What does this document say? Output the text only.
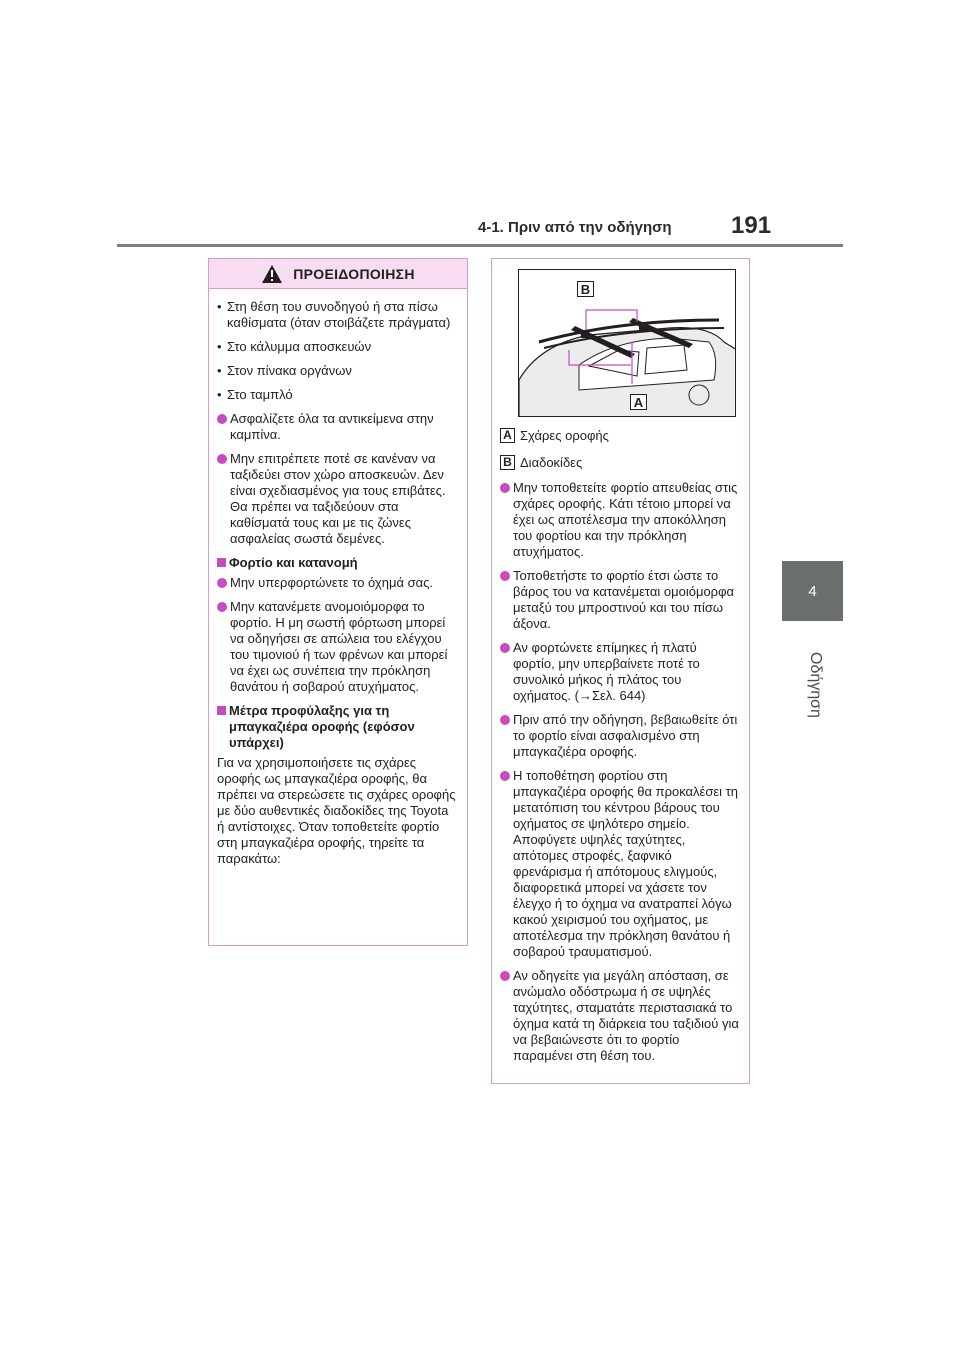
4-1. Πριν από την οδήγηση 191
4
Οδήγηση
ΠΡΟΕΙΔΟΠΟΙΗΣΗ
• Στη θέση του συνοδηγού ή στα πίσω καθίσματα (όταν στοιβάζετε πράγματα)

• Στο κάλυμμα αποσκευών

• Στον πίνακα οργάνων

• Στο ταμπλό

Ασφαλίζετε όλα τα αντικείμενα στην καμπίνα.

Μην επιτρέπετε ποτέ σε κανέναν να ταξιδεύει στον χώρο αποσκευών. Δεν είναι σχεδιασμένος για τους επιβάτες. Θα πρέπει να ταξιδεύουν στα καθίσματά τους και με τις ζώνες ασφαλείας σωστά δεμένες.

Φορτίο και κατανομή

Μην υπερφορτώνετε το όχημά σας.

Μην κατανέμετε ανομοιόμορφα το φορτίο. Η μη σωστή φόρτωση μπορεί να οδηγήσει σε απώλεια του ελέγχου του τιμονιού ή των φρένων και μπορεί να έχει ως συνέπεια την πρόκληση θανάτου ή σοβαρού ατυχήματος.

Μέτρα προφύλαξης για τη μπαγκαζιέρα οροφής (εφόσον υπάρχει)

Για να χρησιμοποιήσετε τις σχάρες οροφής ως μπαγκαζιέρα οροφής, θα πρέπει να στερεώσετε τις σχάρες οροφής με δύο αυθεντικές διαδοκίδες της Toyota ή αντίστοιχες. Όταν τοποθετείτε φορτίο στη μπαγκαζιέρα οροφής, τηρείτε τα παρακάτω:

B
A
A Σχάρες οροφής
B Διαδοκίδες

Μην τοποθετείτε φορτίο απευθείας στις σχάρες οροφής. Κάτι τέτοιο μπορεί να έχει ως αποτέλεσμα την αποκόλληση του φορτίου και την πρόκληση ατυχήματος.

Τοποθετήστε το φορτίο έτσι ώστε το βάρος του να κατανέμεται ομοιόμορφα μεταξύ του μπροστινού και του πίσω άξονα.

Αν φορτώνετε επίμηκες ή πλατύ φορτίο, μην υπερβαίνετε ποτέ το συνολικό μήκος ή πλάτος του οχήματος. (→Σελ. 644)

Πριν από την οδήγηση, βεβαιωθείτε ότι το φορτίο είναι ασφαλισμένο στη μπαγκαζιέρα οροφής.

Η τοποθέτηση φορτίου στη μπαγκαζιέρα οροφής θα προκαλέσει τη μετατόπιση του κέντρου βάρους του οχήματος σε ψηλότερο σημείο. Αποφύγετε υψηλές ταχύτητες, απότομες στροφές, ξαφνικό φρενάρισμα ή απότομους ελιγμούς, διαφορετικά μπορεί να χάσετε τον έλεγχο ή το όχημα να ανατραπεί λόγω κακού χειρισμού του οχήματος, με αποτέλεσμα την πρόκληση θανάτου ή σοβαρού τραυματισμού.

Αν οδηγείτε για μεγάλη απόσταση, σε ανώμαλο οδόστρωμα ή σε υψηλές ταχύτητες, σταματάτε περιστασιακά το όχημα κατά τη διάρκεια του ταξιδιού για να βεβαιώνεστε ότι το φορτίο παραμένει στη θέση του.
